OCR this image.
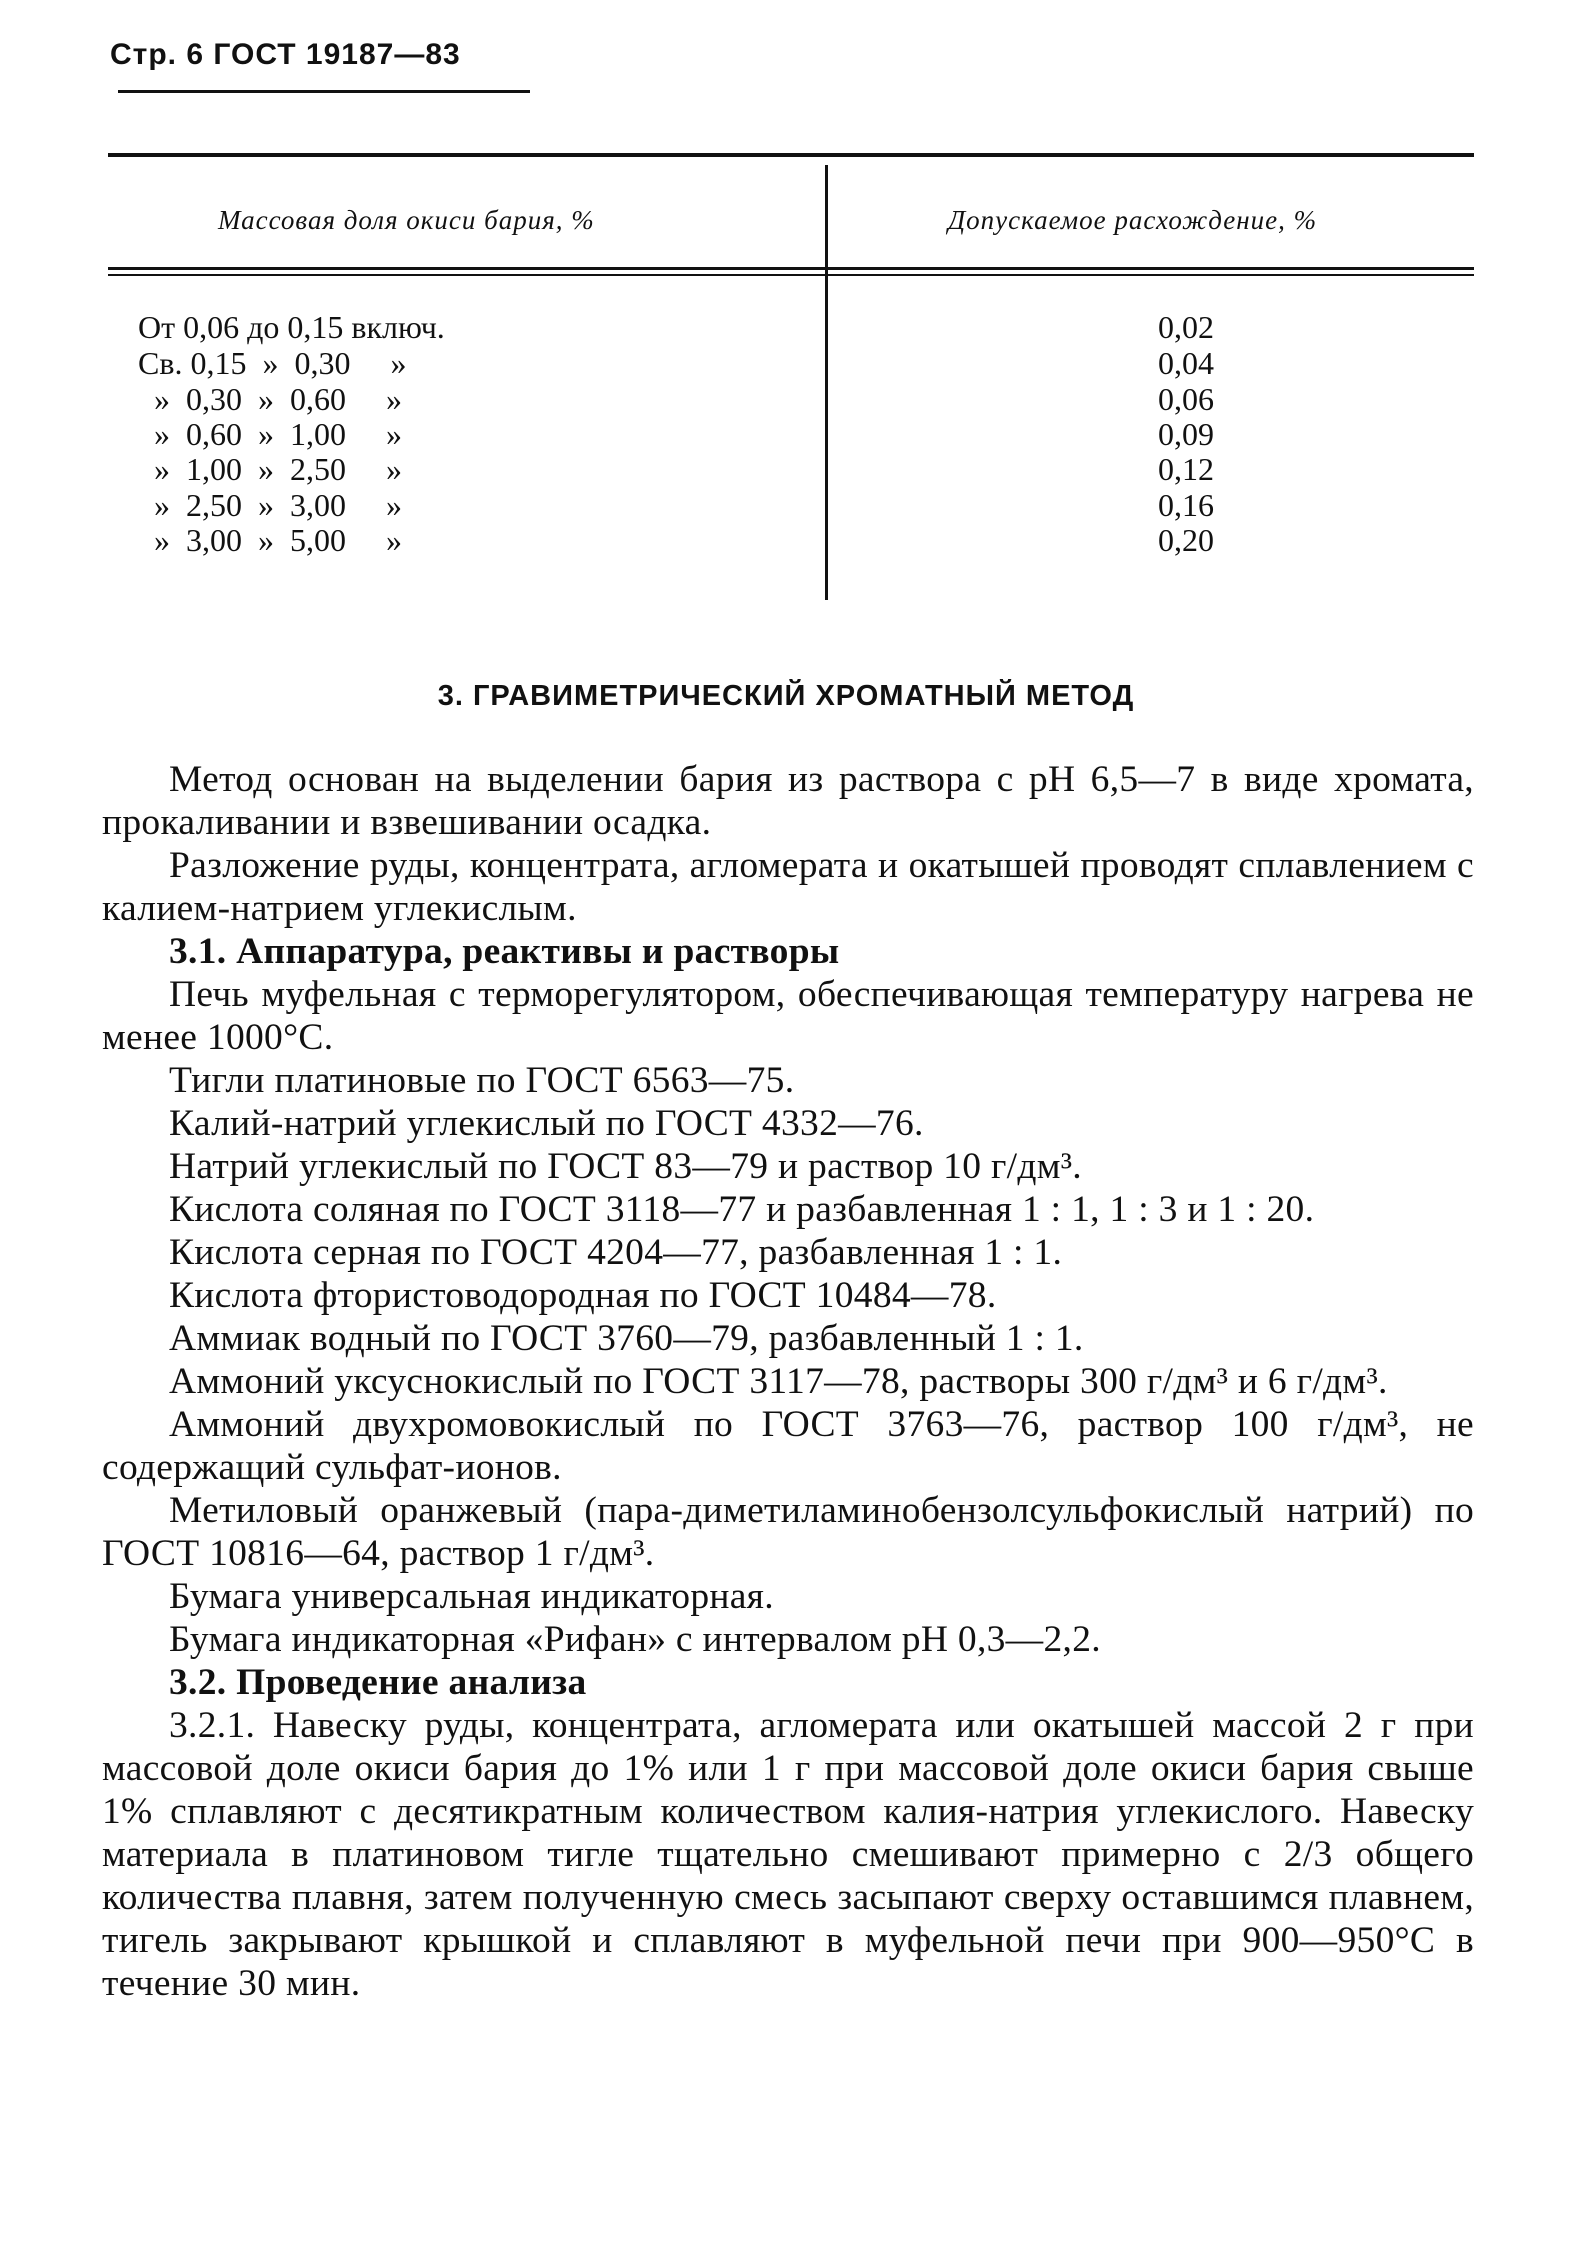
Стр. 6 ГОСТ 19187—83
Массовая доля окиси бария, %	Допускаемое расхождение, %
От 0,06 до 0,15 включ.	0,02
Св. 0,15  »  0,30     »	0,04
»  0,30  »  0,60     »	0,06
»  0,60  »  1,00     »	0,09
»  1,00  »  2,50     »	0,12
»  2,50  »  3,00     »	0,16
»  3,00  »  5,00     »	0,20
3. ГРАВИМЕТРИЧЕСКИЙ ХРОМАТНЫЙ МЕТОД

Метод основан на выделении бария из раствора с pH 6,5—7 в виде хромата, прокаливании и взвешивании осадка.

Разложение руды, концентрата, агломерата и окатышей проводят сплавлением с калием-натрием углекислым.

3.1. Аппаратура, реактивы и растворы

Печь муфельная с терморегулятором, обеспечивающая температуру нагрева не менее 1000°С.

Тигли платиновые по ГОСТ 6563—75.

Калий-натрий углекислый по ГОСТ 4332—76.

Натрий углекислый по ГОСТ 83—79 и раствор 10 г/дм³.

Кислота соляная по ГОСТ 3118—77 и разбавленная 1 : 1, 1 : 3 и 1 : 20.

Кислота серная по ГОСТ 4204—77, разбавленная 1 : 1.

Кислота фтористоводородная по ГОСТ 10484—78.

Аммиак водный по ГОСТ 3760—79, разбавленный 1 : 1.

Аммоний уксуснокислый по ГОСТ 3117—78, растворы 300 г/дм³ и 6 г/дм³.

Аммоний двухромовокислый по ГОСТ 3763—76, раствор 100 г/дм³, не содержащий сульфат-ионов.

Метиловый оранжевый (пара-диметиламинобензолсульфокислый натрий) по ГОСТ 10816—64, раствор 1 г/дм³.

Бумага универсальная индикаторная.

Бумага индикаторная «Рифан» с интервалом pH 0,3—2,2.

3.2. Проведение анализа

3.2.1. Навеску руды, концентрата, агломерата или окатышей массой 2 г при массовой доле окиси бария до 1% или 1 г при массовой доле окиси бария свыше 1% сплавляют с десятикратным количеством калия-натрия углекислого. Навеску материала в платиновом тигле тщательно смешивают примерно с 2/3 общего количества плавня, затем полученную смесь засыпают сверху оставшимся плавнем, тигель закрывают крышкой и сплавляют в муфельной печи при 900—950°С в течение 30 мин.
